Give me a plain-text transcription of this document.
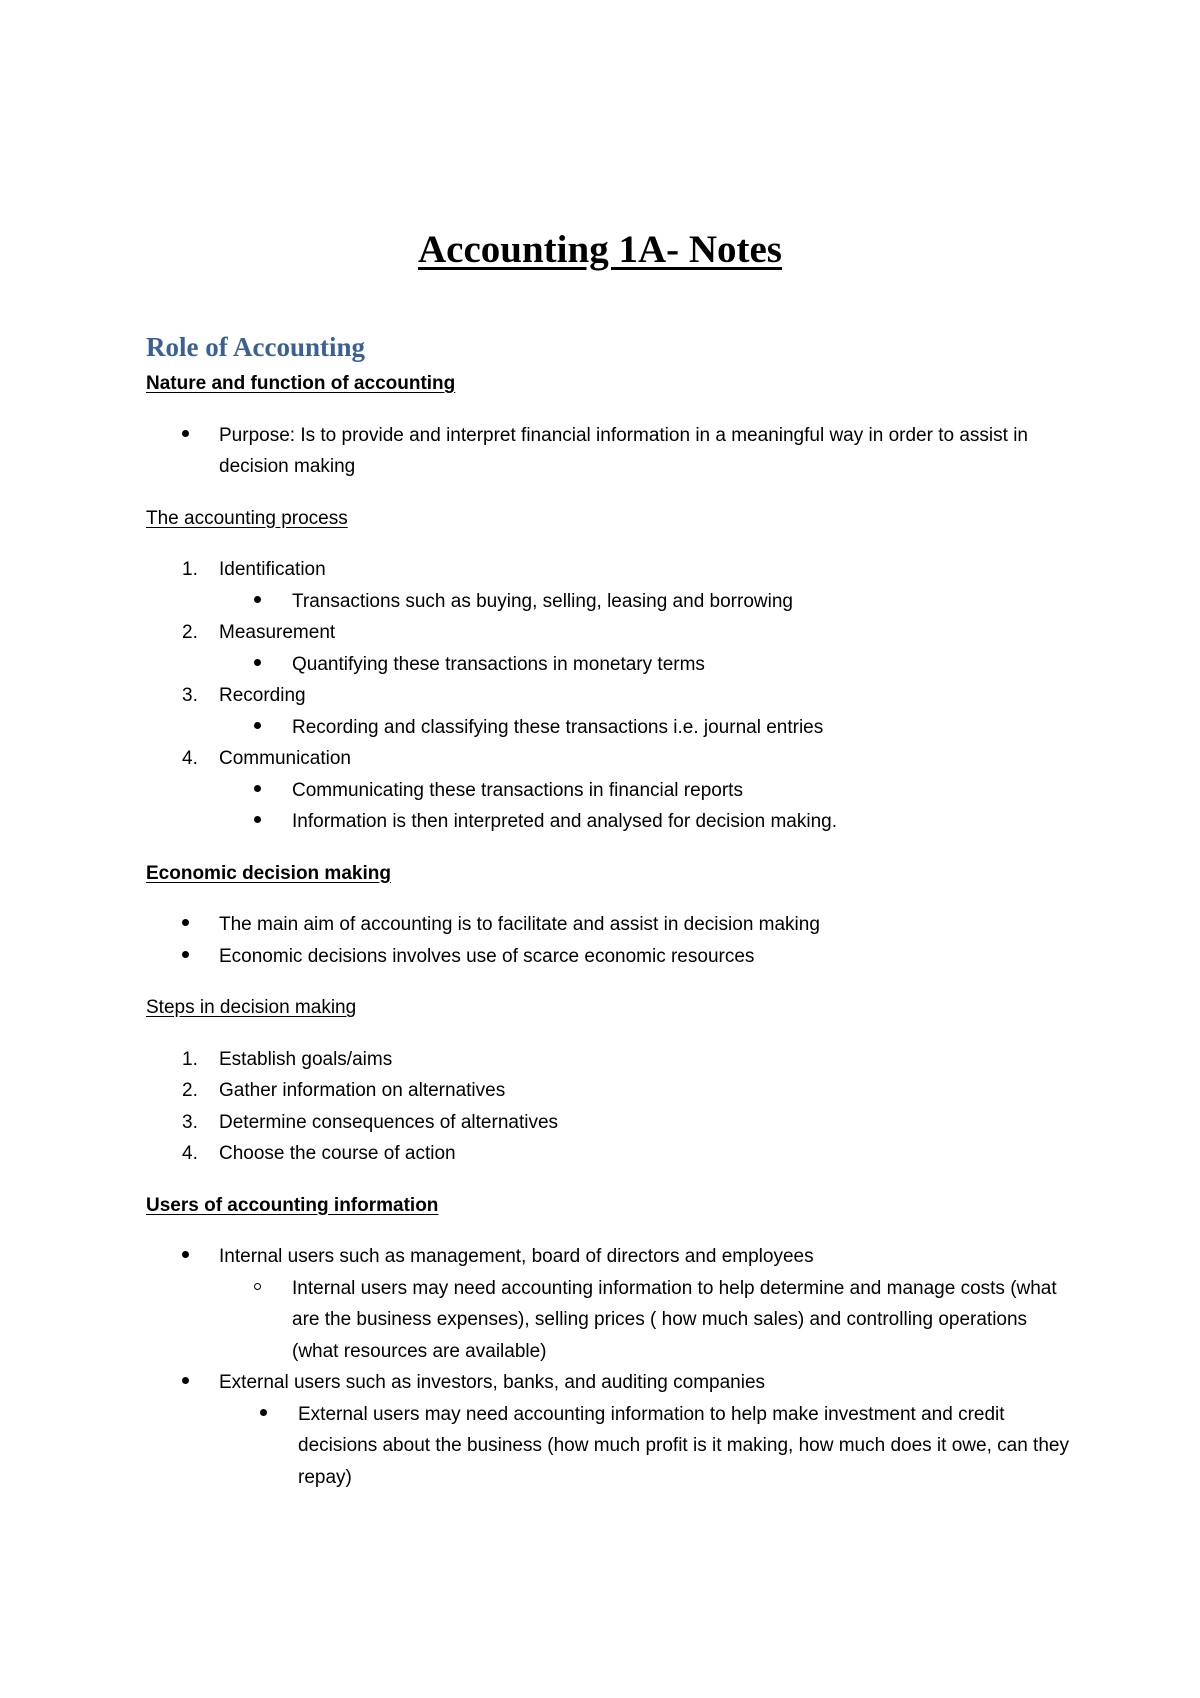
Accounting 1A- Notes
Role of Accounting

Nature and function of accounting

Purpose: Is to provide and interpret financial information in a meaningful way in order to assist in decision making

The accounting process

1. Identification
Transactions such as buying, selling, leasing and borrowing
2. Measurement
Quantifying these transactions in monetary terms
3. Recording
Recording and classifying these transactions i.e. journal entries
4. Communication
Communicating these transactions in financial reports
Information is then interpreted and analysed for decision making.

Economic decision making

The main aim of accounting is to facilitate and assist in decision making
Economic decisions involves use of scarce economic resources

Steps in decision making

1. Establish goals/aims
2. Gather information on alternatives
3. Determine consequences of alternatives
4. Choose the course of action

Users of accounting information

Internal users such as management, board of directors and employees
Internal users may need accounting information to help determine and manage costs (what are the business expenses), selling prices ( how much sales) and controlling operations (what resources are available)
External users such as investors, banks, and auditing companies
External users may need accounting information to help make investment and credit decisions about the business (how much profit is it making, how much does it owe, can they repay)
